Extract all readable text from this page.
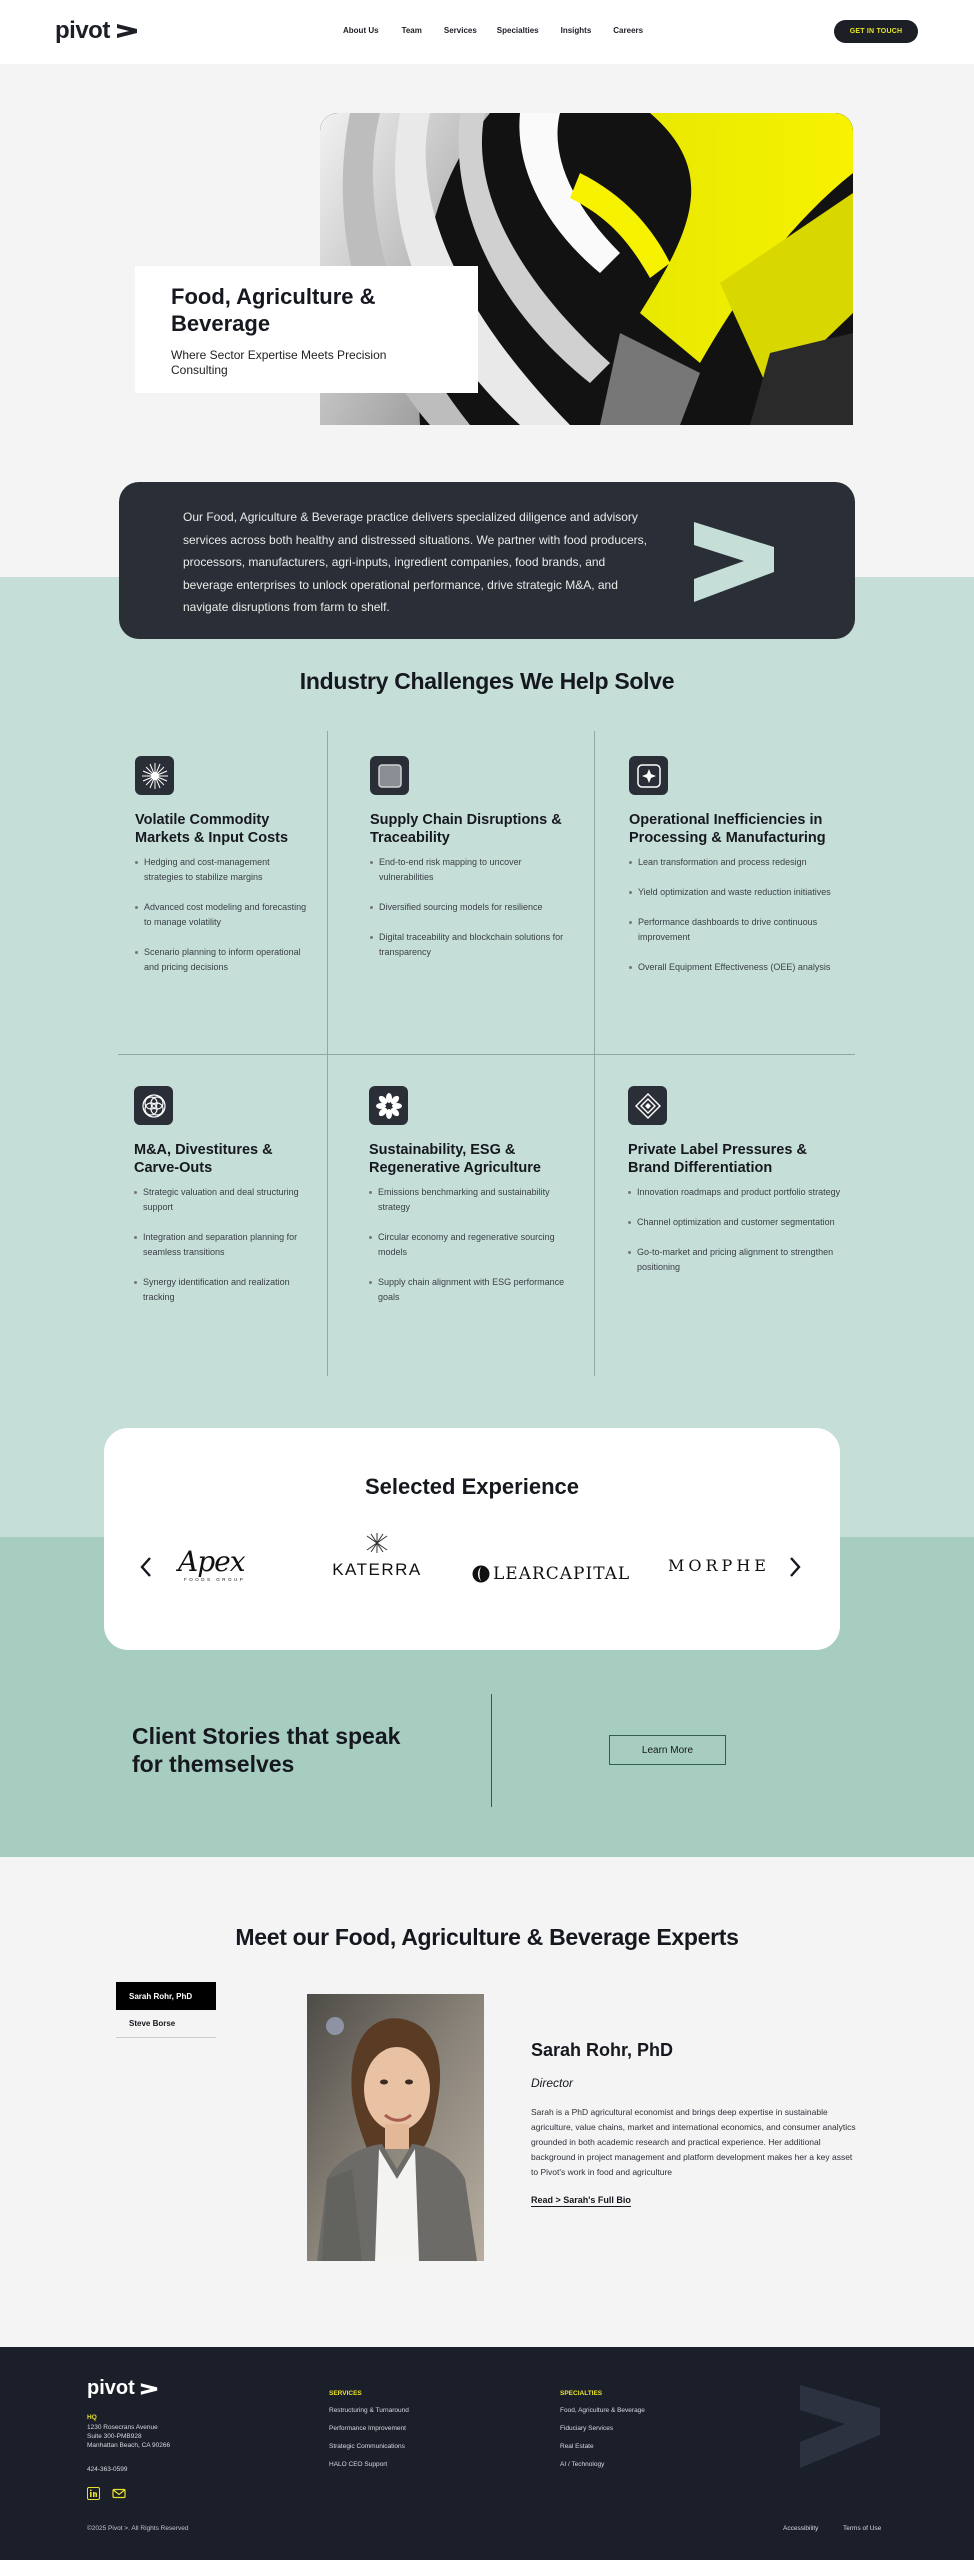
pivot	About Us	Team	Services	Specialties	Insights	Careers	GET IN TOUCH
Food, Agriculture & Beverage

Where Sector Expertise Meets Precision Consulting

Our Food, Agriculture & Beverage practice delivers specialized diligence and advisory services across both healthy and distressed situations. We partner with food producers, processors, manufacturers, agri-inputs, ingredient companies, food brands, and beverage enterprises to unlock operational performance, drive strategic M&A, and navigate disruptions from farm to shelf.

Industry Challenges We Help Solve
Volatile Commodity Markets & Input Costs
Hedging and cost-management strategies to stabilize margins
Advanced cost modeling and forecasting to manage volatility
Scenario planning to inform operational and pricing decisions
Supply Chain Disruptions & Traceability
End-to-end risk mapping to uncover vulnerabilities
Diversified sourcing models for resilience
Digital traceability and blockchain solutions for transparency
Operational Inefficiencies in Processing & Manufacturing
Lean transformation and process redesign
Yield optimization and waste reduction initiatives
Performance dashboards to drive continuous improvement
Overall Equipment Effectiveness (OEE) analysis
M&A, Divestitures & Carve-Outs
Strategic valuation and deal structuring support
Integration and separation planning for seamless transitions
Synergy identification and realization tracking
Sustainability, ESG & Regenerative Agriculture
Emissions benchmarking and sustainability strategy
Circular economy and regenerative sourcing models
Supply chain alignment with ESG performance goals
Private Label Pressures & Brand Differentiation
Innovation roadmaps and product portfolio strategy
Channel optimization and customer segmentation
Go-to-market and pricing alignment to strengthen positioning
Selected Experience
Apex
FOODS GROUP
KATERRA	LEARCAPITAL MORPHE
Client Stories that speak for themselves
Learn More
Meet our Food, Agriculture & Beverage Experts
Sarah Rohr, PhD
Steve Borse
Sarah Rohr, PhD

Director

Sarah is a PhD agricultural economist and brings deep expertise in sustainable agriculture, value chains, market and international economics, and consumer analytics grounded in both academic research and practical experience. Her additional background in project management and platform development makes her a key asset to Pivot's work in food and agriculture

Read > Sarah's Full Bio
pivot
HQ
1230 Rosecrans Avenue
Suite 300-PMB928
Manhattan Beach, CA 90266
424-363-0599
SERVICES
Restructuring & Turnaround
Performance Improvement
Strategic Communications
HALO CEO Support
SPECIALTIES
Food, Agriculture & Beverage
Fiduciary Services
Real Estate
AI / Technology
©2025 Pivot >. All Rights Reserved	Accessibility	Terms of Use
